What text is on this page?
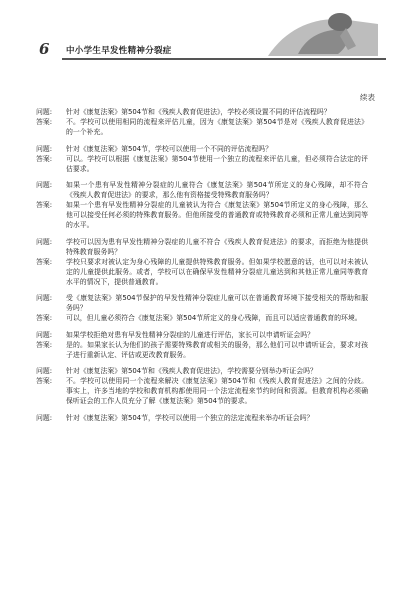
6 中小学生早发性精神分裂症
续表
问题:	针对《康复法案》第504节和《残疾人教育促进法》，学校必须设置不同的评估流程吗？
答案:	不。学校可以使用相同的流程来评估儿童，因为《康复法案》第504节是对《残疾人教育促进法》的一个补充。
问题:	针对《康复法案》第504节，学校可以使用一个不同的评估流程吗？
答案:	可以。学校可以根据《康复法案》第504节使用一个独立的流程来评估儿童，但必须符合法定的评估要求。
问题:	如果一个患有早发性精神分裂症的儿童符合《康复法案》第504节所定义的身心残障，却不符合《残疾人教育促进法》的要求，那么他有资格接受特殊教育服务吗？
答案:	如果一个患有早发性精神分裂症的儿童被认为符合《康复法案》第504节所定义的身心残障，那么他可以接受任何必须的特殊教育服务。但他所接受的普通教育或特殊教育必须和正常儿童达到同等的水平。
问题:	学校可以因为患有早发性精神分裂症的儿童不符合《残疾人教育促进法》的要求，而拒绝为他提供特殊教育服务吗？
答案:	学校只要求对被认定为身心残障的儿童提供特殊教育服务。但如果学校愿意的话，也可以对未被认定的儿童提供此服务。或者，学校可以在确保早发性精神分裂症儿童达到和其他正常儿童同等教育水平的情况下，提供普通教育。
问题:	受《康复法案》第504节保护的早发性精神分裂症儿童可以在普通教育环境下接受相关的帮助和服务吗？
答案:	可以，但儿童必须符合《康复法案》第504节所定义的身心残障，而且可以适应普通教育的环境。
问题:	如果学校拒绝对患有早发性精神分裂症的儿童进行评估，家长可以申请听证会吗？
答案:	是的。如果家长认为他们的孩子需要特殊教育或相关的服务，那么他们可以申请听证会，要求对孩子进行重新认定、评估或更改教育服务。
问题:	针对《康复法案》第504节和《残疾人教育促进法》，学校需要分别举办听证会吗？
答案:	不。学校可以使用同一个流程来解决《康复法案》第504节和《残疾人教育促进法》之间的分歧。事实上，许多当地的学校和教育机构都使用同一个法定流程来节约时间和资源。但教育机构必须确保听证会的工作人员充分了解《康复法案》第504节的要求。
问题:	针对《康复法案》第504节，学校可以使用一个独立的法定流程来举办听证会吗？
